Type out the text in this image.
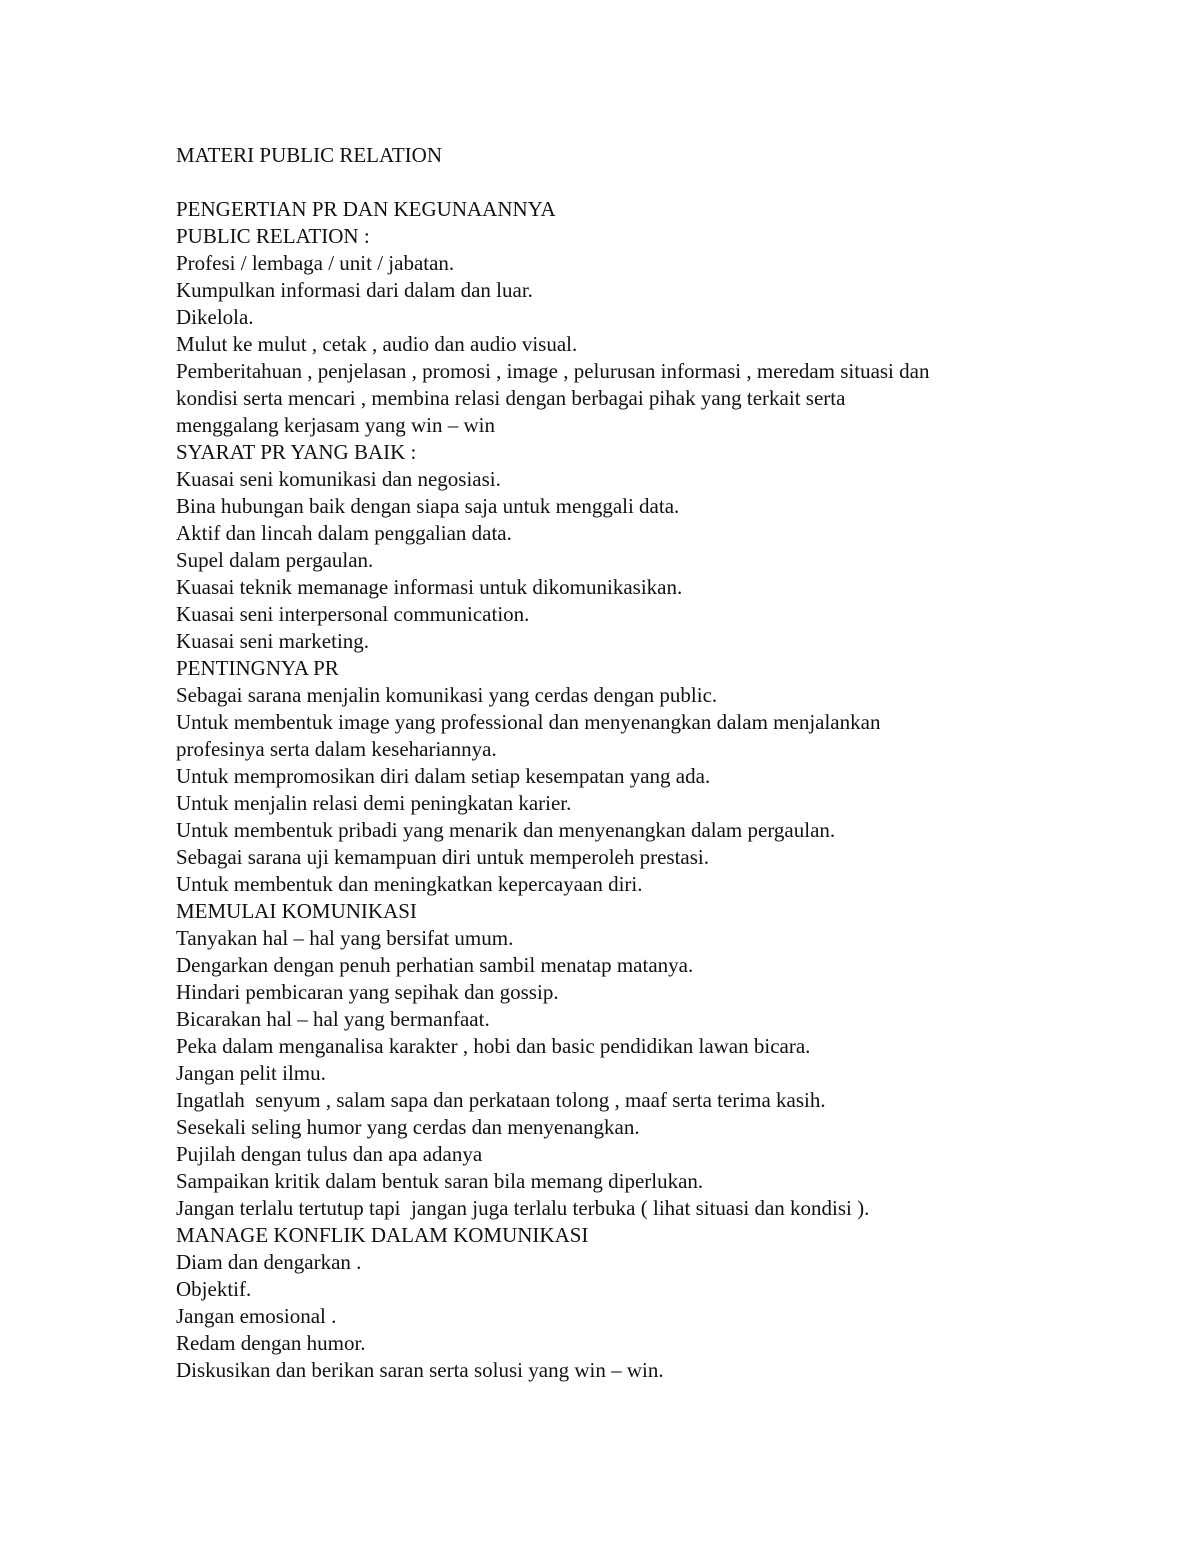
MATERI PUBLIC RELATION

PENGERTIAN PR DAN KEGUNAANNYA

PUBLIC RELATION :

Profesi / lembaga / unit / jabatan.

Kumpulkan informasi dari dalam dan luar.

Dikelola.

Mulut ke mulut , cetak , audio dan audio visual.

Pemberitahuan , penjelasan , promosi , image , pelurusan informasi , meredam situasi dan

kondisi serta mencari , membina relasi dengan berbagai pihak yang terkait serta

menggalang kerjasam yang win – win

SYARAT PR YANG BAIK :

Kuasai seni komunikasi dan negosiasi.

Bina hubungan baik dengan siapa saja untuk menggali data.

Aktif dan lincah dalam penggalian data.

Supel dalam pergaulan.

Kuasai teknik memanage informasi untuk dikomunikasikan.

Kuasai seni interpersonal communication.

Kuasai seni marketing.

PENTINGNYA PR

Sebagai sarana menjalin komunikasi yang cerdas dengan public.

Untuk membentuk image yang professional dan menyenangkan dalam menjalankan

profesinya serta dalam kesehariannya.

Untuk mempromosikan diri dalam setiap kesempatan yang ada.

Untuk menjalin relasi demi peningkatan karier.

Untuk membentuk pribadi yang menarik dan menyenangkan dalam pergaulan.

Sebagai sarana uji kemampuan diri untuk memperoleh prestasi.

Untuk membentuk dan meningkatkan kepercayaan diri.

MEMULAI KOMUNIKASI

Tanyakan hal – hal yang bersifat umum.

Dengarkan dengan penuh perhatian sambil menatap matanya.

Hindari pembicaran yang sepihak dan gossip.

Bicarakan hal – hal yang bermanfaat.

Peka dalam menganalisa karakter , hobi dan basic pendidikan lawan bicara.

Jangan pelit ilmu.

Ingatlah  senyum , salam sapa dan perkataan tolong , maaf serta terima kasih.

Sesekali seling humor yang cerdas dan menyenangkan.

Pujilah dengan tulus dan apa adanya

Sampaikan kritik dalam bentuk saran bila memang diperlukan.

Jangan terlalu tertutup tapi  jangan juga terlalu terbuka ( lihat situasi dan kondisi ).

MANAGE KONFLIK DALAM KOMUNIKASI

Diam dan dengarkan .

Objektif.

Jangan emosional .

Redam dengan humor.

Diskusikan dan berikan saran serta solusi yang win – win.
